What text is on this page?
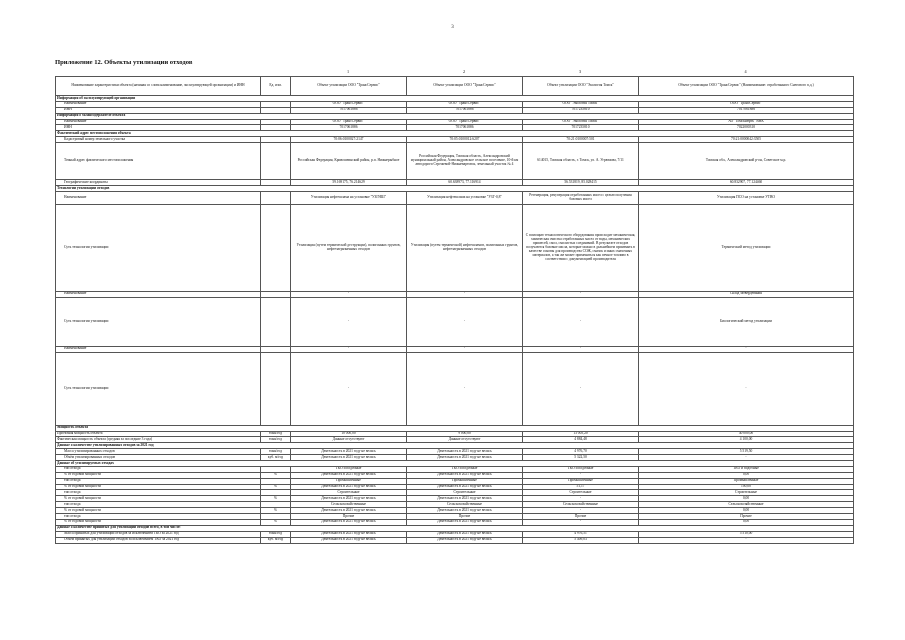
3
Приложение 12. Объекты утилизации отходов
1	2	3	4
Наименование характеристики объекта (начиная со слова наименование, эксплуатирующей организации) и ИНН	Ед. изм.	Объект утилизации ООО "ТрансСервис"	Объект утилизации ООО "ТрансСервис"	Объект утилизации ООО "Экология Томск"	Объект утилизации ООО "ТрансСервис" (Наименование: отработанного Снегового п.д.)
Информация об эксплуатирующей организации					
Наименование		ООО "ТрансСервис"	ООО "ТрансСервис"	ООО "Экология Томск"	ООО "ТрансСервис"
ИНН		7017061886	7017061886	7017235810	7017061886
Информация о балансодержателе объекта					
Наименование		ООО "ТрансСервис"	ООО "ТрансСервис"	ООО "Экология Томск"	АО "Томскнефть" ВНК
ИНН		7017061886	7017061886	7017235810	7022000310
Фактический адрес местоположения объекта					
Кадастровый номер земельного участка		70:06:0100027:2147	70:05:0100012:6207	70:21:0100007:501	70:21:0000042:3505
Точный адрес фактического местоположения		Российская Федерация, Кривошеинский район, р.п. Нижнерыбное	Российская Федерация, Томская область, Александровский муниципальный район, Александровское сельское поселение, 10-й км автодороги Стрежевой-Нижневартовск, земельный участок № 4	614015, Томская область, г. Томск, ул. А. Угрюмова, 7/11	Томская обл., Александровский р-он, Советское м.р.
Географические координаты		59.169175, 76.214629	60.638973, 77.116914	56.531819, 85.028415	60.832907, 77.124460
Технологии утилизации отходов					
Наименование		Утилизация нефтешлама на установке "УЗГНШ"	Утилизация нефтешлама на установке "УЗГ-0,8"	Регенерация, рекуперация отработанных масел с целью получения базовых масел	Утилизация ПСО на установке УТВО
Суть технологии утилизации		Утилизация (путем термической деструкции), полигонных грунтов, нефтезагрязненных отходов	Утилизация (путем термической) нефтешламов, полигонных грунтов, нефтезагрязненных отходов	С помощью технологического оборудования происходит механическая, химическая очистка отработанных масел от воды, механических примесей, смол, смолистых соединений. В результате отходов получаются базовые масла, которые можно в дальнейшем применять в качестве основы для производства СОЖ, смазок и иных смазочных материалов, а так же может применяться как печное топливо в соответствии с документацией производителя	Термический метод утилизации
Наименование		-	-	-	Склад затвердевания
Суть технологии утилизации		-	-	-	Биологический метод утилизации
Наименование		-	-	-	-
Суть технологии утилизации		-	-	-	-
Мощность объекта					
Проектная мощность объекта	тонн/год	10 000,00	9 000,00	13 005,20	40 000,00
Фактическая мощность объекта (средняя за последние 3 года)	тонн/год	Данные отсутствуют	Данные отсутствуют	4 884,48	4 100,00
Данные о количестве утилизированных отходов за 2021 год					
Масса утилизированных отходов	тонн/год	Деятельность в 2021 году не велась	Деятельность в 2021 году не велась	4 976,70	5 519,50
Объём утилизированных отходов	куб. м/год	Деятельность в 2021 году не велась	Деятельность в 2021 году не велась	5 322,50	-
Данные об утилизируемых отходах					
тип отхода		ТКО и подобные	ТКО и подобные	ТКО и подобные	ТКО и подобные
% от годовой мощности	%	Деятельность в 2021 году не велась	Деятельность в 2021 году не велась	-	0,00
тип отхода		Промышленные	Промышленные	Промышленные	Промышленные
% от годовой мощности	%	Деятельность в 2021 году не велась	Деятельность в 2021 году не велась	51,17	100,00
тип отхода		Строительные	Строительные	Строительные	Строительные
% от годовой мощности	%	Деятельность в 2021 году не велась	Деятельность в 2021 году не велась	-	0,00
тип отхода		Сельскохозяйственные	Сельскохозяйственные	Сельскохозяйственные	Сельскохозяйственные
% от годовой мощности	%	Деятельность в 2021 году не велась	Деятельность в 2021 году не велась	-	0,00
тип отхода		Прочие	Прочие	Прочие	Прочие
% от годовой мощности	%	Деятельность в 2021 году не велась	Деятельность в 2021 году не велась	-	0,00
Данные о количестве принятых для утилизации отходов всего, в том числе:					
Масса принятых для утилизации отходов за исключением ТКО за 2021 год	тонн/год	Деятельность в 2021 году не велась	Деятельность в 2021 году не велась	4 976,51	5 510,00
Объём принятых для утилизации отходов за исключением ТКО за 2021 год	куб. м/год	Деятельность в 2021 году не велась	Деятельность в 2021 году не велась	5 409,03	-
